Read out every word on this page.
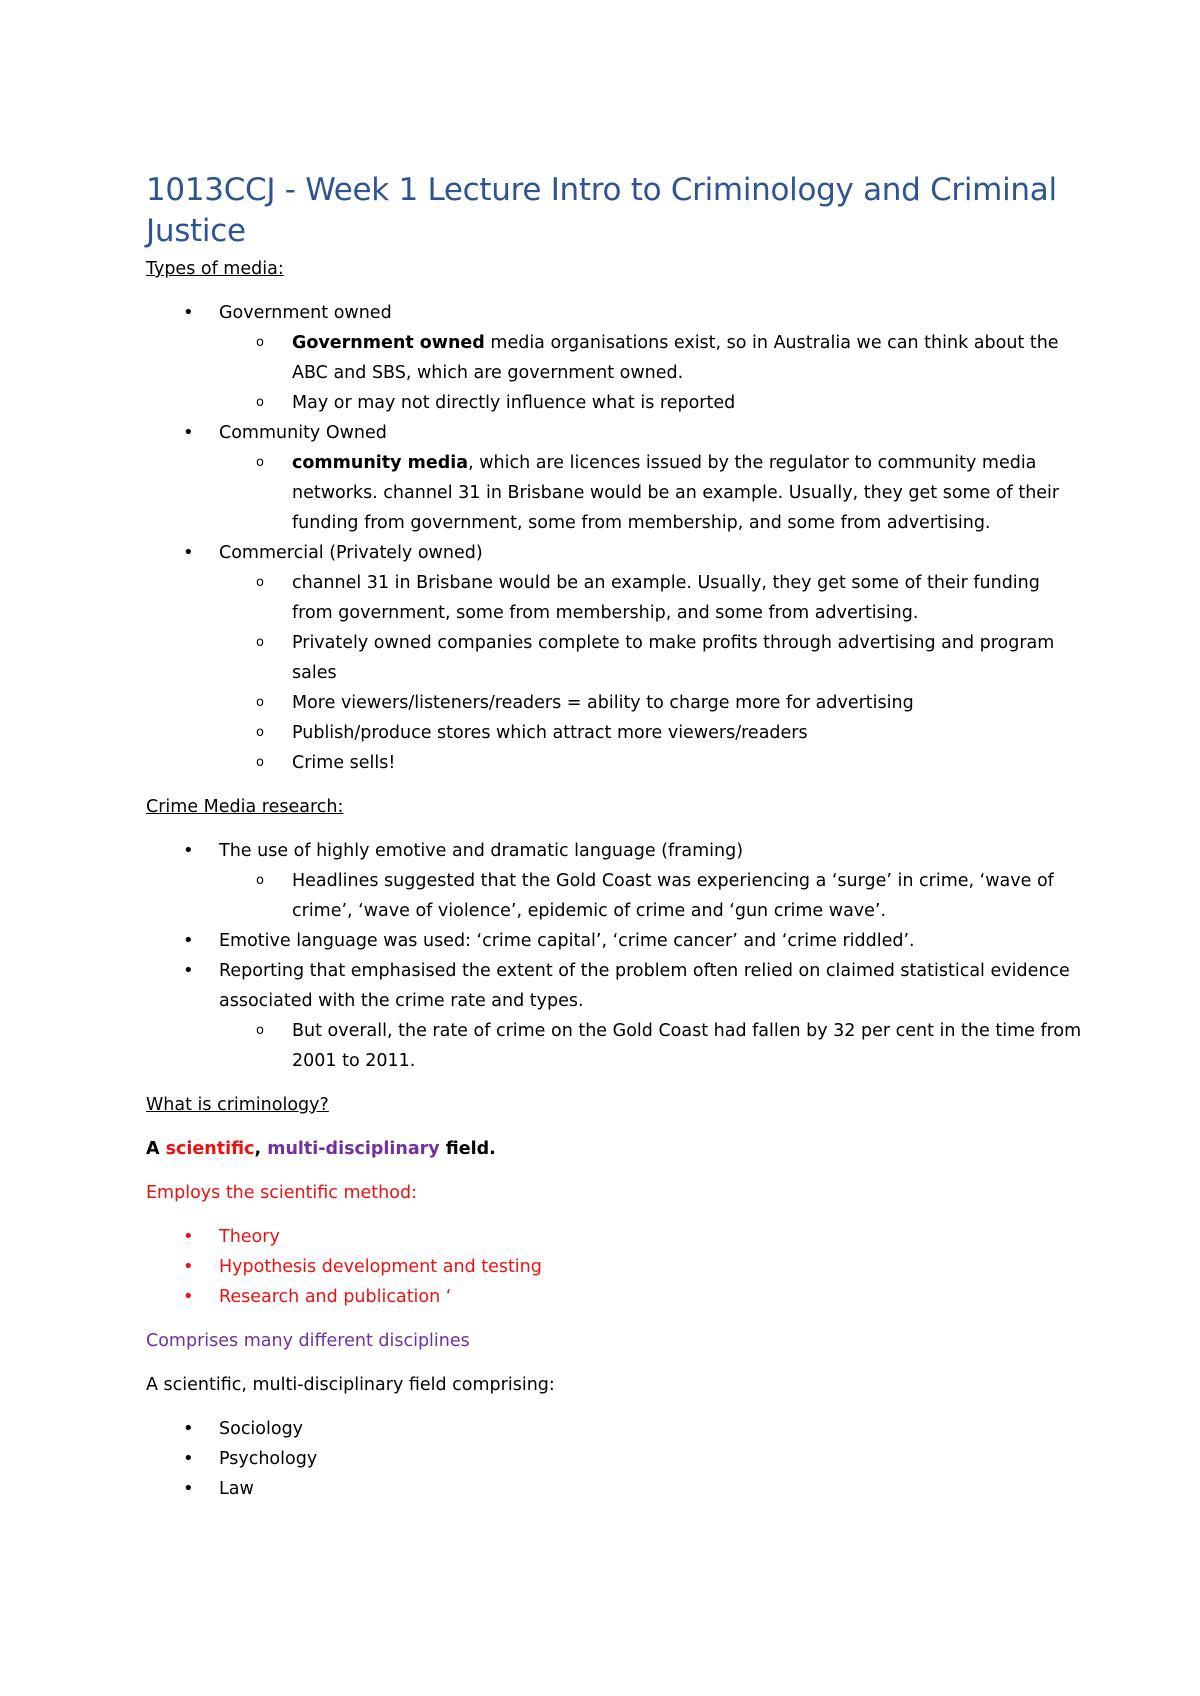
1013CCJ - Week 1 Lecture Intro to Criminology and Criminal Justice
Types of media:
• Government owned
o Government owned media organisations exist, so in Australia we can think about the ABC and SBS, which are government owned.
o May or may not directly influence what is reported
• Community Owned
o community media, which are licences issued by the regulator to community media networks. channel 31 in Brisbane would be an example. Usually, they get some of their funding from government, some from membership, and some from advertising.
• Commercial (Privately owned)
o channel 31 in Brisbane would be an example. Usually, they get some of their funding from government, some from membership, and some from advertising.
o Privately owned companies complete to make profits through advertising and program sales
o More viewers/listeners/readers = ability to charge more for advertising
o Publish/produce stores which attract more viewers/readers
o Crime sells!
Crime Media research:
• The use of highly emotive and dramatic language (framing)
o Headlines suggested that the Gold Coast was experiencing a ‘surge’ in crime, ‘wave of crime’, ‘wave of violence’, epidemic of crime and ‘gun crime wave’.
• Emotive language was used: ‘crime capital’, ‘crime cancer’ and ‘crime riddled’.
• Reporting that emphasised the extent of the problem often relied on claimed statistical evidence associated with the crime rate and types.
o But overall, the rate of crime on the Gold Coast had fallen by 32 per cent in the time from 2001 to 2011.
What is criminology?

A scientific, multi-disciplinary field.

Employs the scientific method:

• Theory
• Hypothesis development and testing
• Research and publication ‘

Comprises many different disciplines

A scientific, multi-disciplinary field comprising:

• Sociology
• Psychology
• Law
